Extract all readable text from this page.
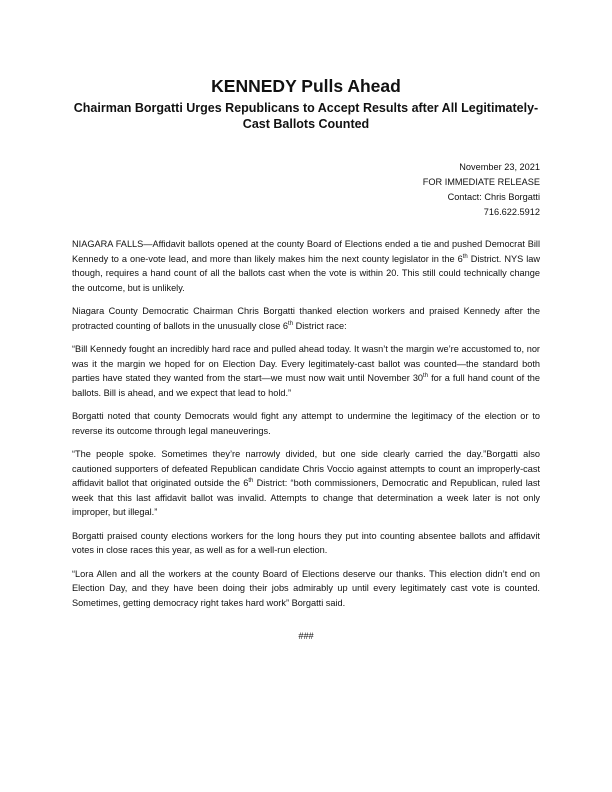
KENNEDY Pulls Ahead
Chairman Borgatti Urges Republicans to Accept Results after All Legitimately-Cast Ballots Counted
November 23, 2021
FOR IMMEDIATE RELEASE
Contact: Chris Borgatti
716.622.5912

NIAGARA FALLS—Affidavit ballots opened at the county Board of Elections ended a tie and pushed Democrat Bill Kennedy to a one-vote lead, and more than likely makes him the next county legislator in the 6th District. NYS law though, requires a hand count of all the ballots cast when the vote is within 20. This still could technically change the outcome, but is unlikely.

Niagara County Democratic Chairman Chris Borgatti thanked election workers and praised Kennedy after the protracted counting of ballots in the unusually close 6th District race:

“Bill Kennedy fought an incredibly hard race and pulled ahead today. It wasn’t the margin we’re accustomed to, nor was it the margin we hoped for on Election Day. Every legitimately-cast ballot was counted—the standard both parties have stated they wanted from the start—we must now wait until November 30th for a full hand count of the ballots. Bill is ahead, and we expect that lead to hold.”

Borgatti noted that county Democrats would fight any attempt to undermine the legitimacy of the election or to reverse its outcome through legal maneuverings.

“The people spoke. Sometimes they’re narrowly divided, but one side clearly carried the day.”Borgatti also cautioned supporters of defeated Republican candidate Chris Voccio against attempts to count an improperly-cast affidavit ballot that originated outside the 6th District: “both commissioners, Democratic and Republican, ruled last week that this last affidavit ballot was invalid. Attempts to change that determination a week later is not only improper, but illegal.”

Borgatti praised county elections workers for the long hours they put into counting absentee ballots and affidavit votes in close races this year, as well as for a well-run election.

“Lora Allen and all the workers at the county Board of Elections deserve our thanks. This election didn’t end on Election Day, and they have been doing their jobs admirably up until every legitimately cast vote is counted. Sometimes, getting democracy right takes hard work” Borgatti said.

###
